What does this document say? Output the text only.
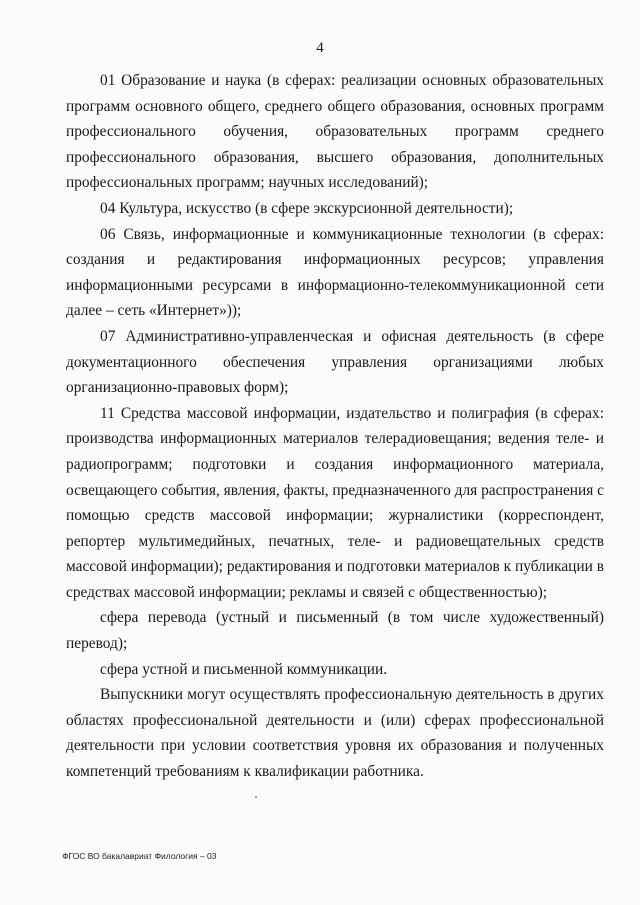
4

01 Образование и наука (в сферах: реализации основных образовательных программ основного общего, среднего общего образования, основных программ профессионального обучения, образовательных программ среднего профессионального образования, высшего образования, дополнительных профессиональных программ; научных исследований);

04 Культура, искусство (в сфере экскурсионной деятельности);

06 Связь, информационные и коммуникационные технологии (в сферах: создания и редактирования информационных ресурсов; управления информационными ресурсами в информационно-телекоммуникационной сети далее – сеть «Интернет»));

07 Административно-управленческая и офисная деятельность (в сфере документационного обеспечения управления организациями любых организационно-правовых форм);

11 Средства массовой информации, издательство и полиграфия (в сферах: производства информационных материалов телерадиовещания; ведения теле- и радиопрограмм; подготовки и создания информационного материала, освещающего события, явления, факты, предназначенного для распространения с помощью средств массовой информации; журналистики (корреспондент, репортер мультимедийных, печатных, теле- и радиовещательных средств массовой информации); редактирования и подготовки материалов к публикации в средствах массовой информации; рекламы и связей с общественностью);

сфера перевода (устный и письменный (в том числе художественный) перевод);

сфера устной и письменной коммуникации.

Выпускники могут осуществлять профессиональную деятельность в других областях профессиональной деятельности и (или) сферах профессиональной деятельности при условии соответствия уровня их образования и полученных компетенций требованиям к квалификации работника.

ФГОС ВО бакалавриат Филология – 03
